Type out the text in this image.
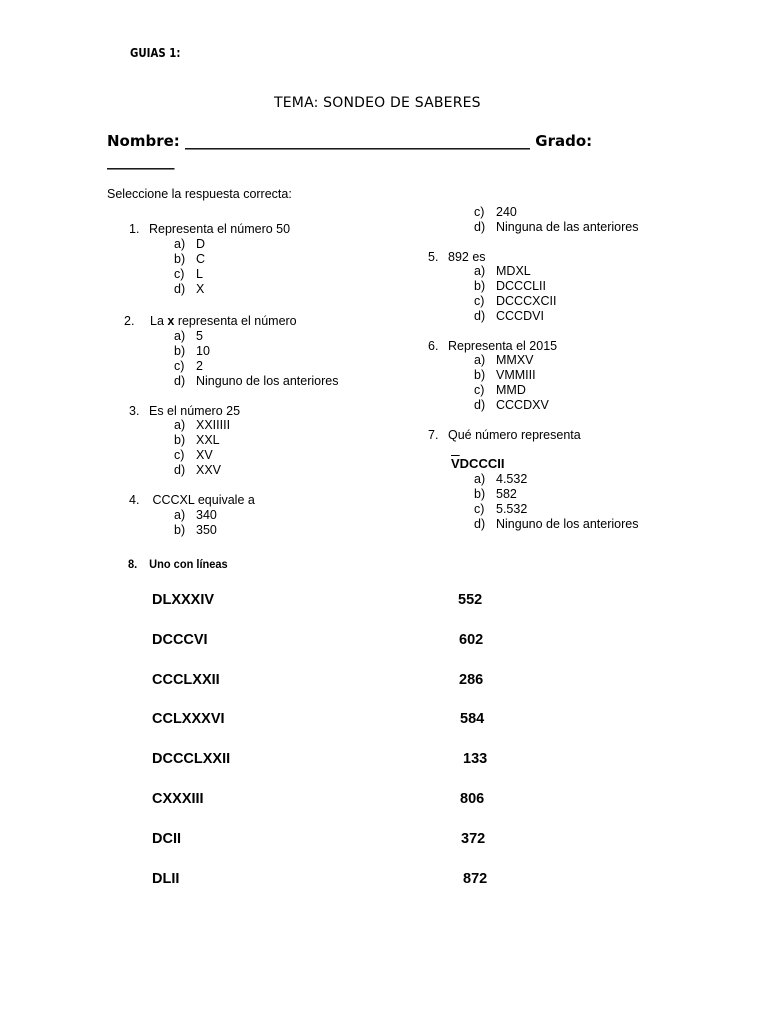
GUIAS 1:
TEMA: SONDEO DE SABERES
Nombre: ______________________________________________ Grado:
_________
Seleccione la respuesta correcta:
1. Representa el número 50
a) D
b) C
c) L
d) X
2. La x representa el número
a) 5
b) 10
c) 2
d) Ninguno de los anteriores
3. Es el número 25
a) XXIIIII
b) XXL
c) XV
d) XXV
4. CCCXL equivale a
a) 340
b) 350
c) 240
d) Ninguna de las anteriores
5. 892 es
a) MDXL
b) DCCCLII
c) DCCCXCII
d) CCCDVI
6. Representa el 2015
a) MMXV
b) VMMIII
c) MMD
d) CCCDXV
7. Qué número representa
$\overline{V}DCCCII$
a) 4.532
b) 582
c) 5.532
d) Ninguno de los anteriores
8. Uno con líneas
DLXXXIV
DCCCVI
CCCLXXII
CCLXXXVI
DCCCLXXII
CXXXIII
DCII
DLII
552
602
286
584
133
806
372
872
